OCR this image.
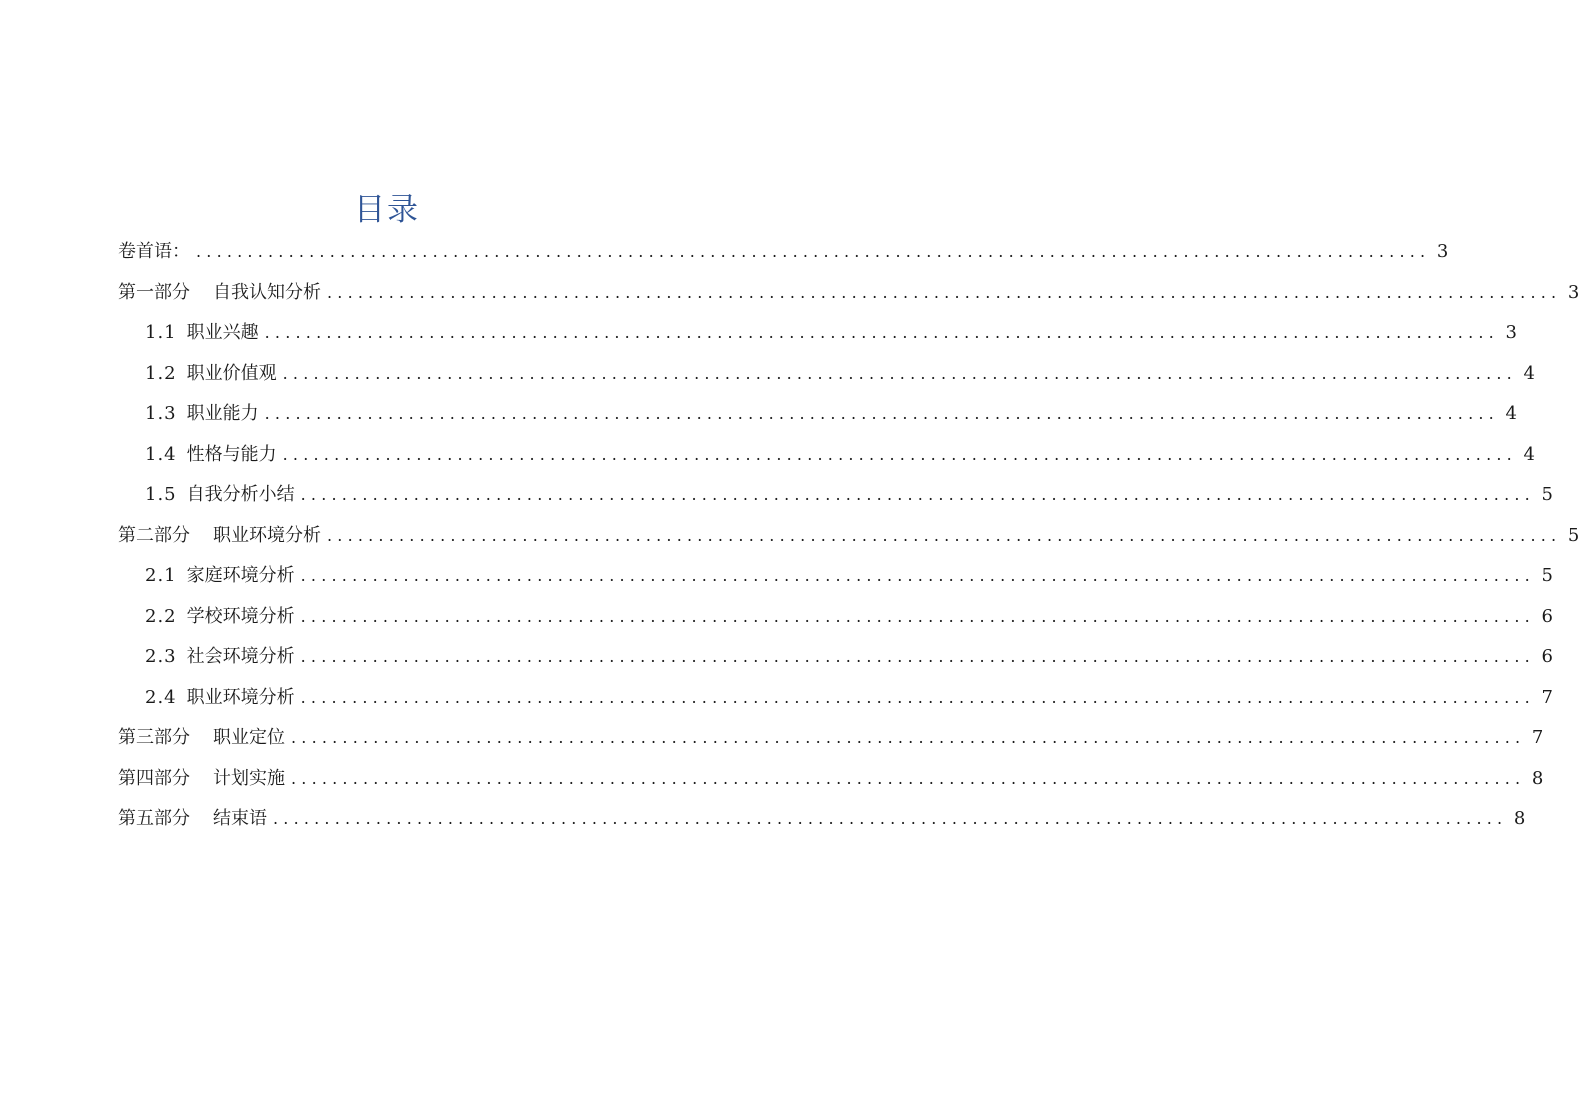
目录
卷首语： ........................................................................................................................ 3
第一部分 自我认知分析 ........................................................................................................................ 3
1.1 职业兴趣 ........................................................................................................................ 3
1.2 职业价值观 ........................................................................................................................ 4
1.3 职业能力 ........................................................................................................................ 4
1.4 性格与能力 ........................................................................................................................ 4
1.5 自我分析小结 ........................................................................................................................ 5
第二部分 职业环境分析 ........................................................................................................................ 5
2.1 家庭环境分析 ........................................................................................................................ 5
2.2 学校环境分析 ........................................................................................................................ 6
2.3 社会环境分析 ........................................................................................................................ 6
2.4 职业环境分析 ........................................................................................................................ 7
第三部分 职业定位 ........................................................................................................................ 7
第四部分 计划实施 ........................................................................................................................ 8
第五部分 结束语 ........................................................................................................................ 8
